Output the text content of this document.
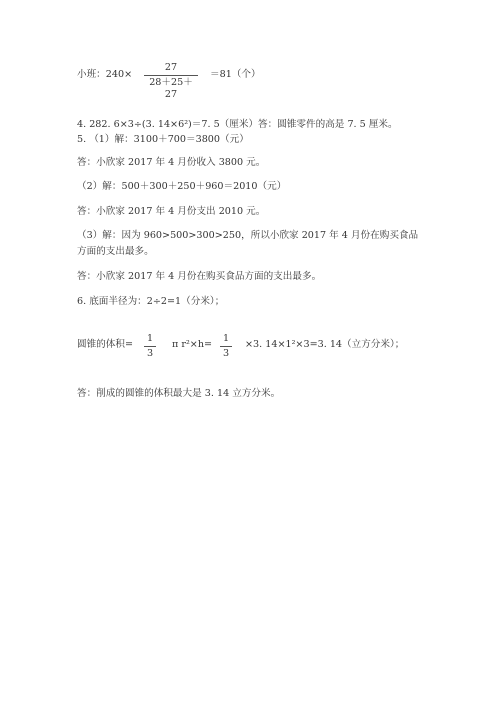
小班：240×
27
28＋25＋27
＝81（个）
4. 282. 6×3÷(3. 14×6²)＝7. 5（厘米）答：圆锥零件的高是 7. 5 厘米。
5. （1）解：3100＋700＝3800（元）
答：小欣家 2017 年 4 月份收入 3800 元。
（2）解：500＋300＋250＋960＝2010（元）
答：小欣家 2017 年 4 月份支出 2010 元。
（3）解：因为 960>500>300>250，所以小欣家 2017 年 4 月份在购买食品方面的支出最多。
答：小欣家 2017 年 4 月份在购买食品方面的支出最多。
6. 底面半径为：2÷2=1（分米）；
圆锥的体积=
1
3
π r²×h=
1
3
×3. 14×1²×3=3. 14（立方分米）；
答：削成的圆锥的体积最大是 3. 14 立方分米。
